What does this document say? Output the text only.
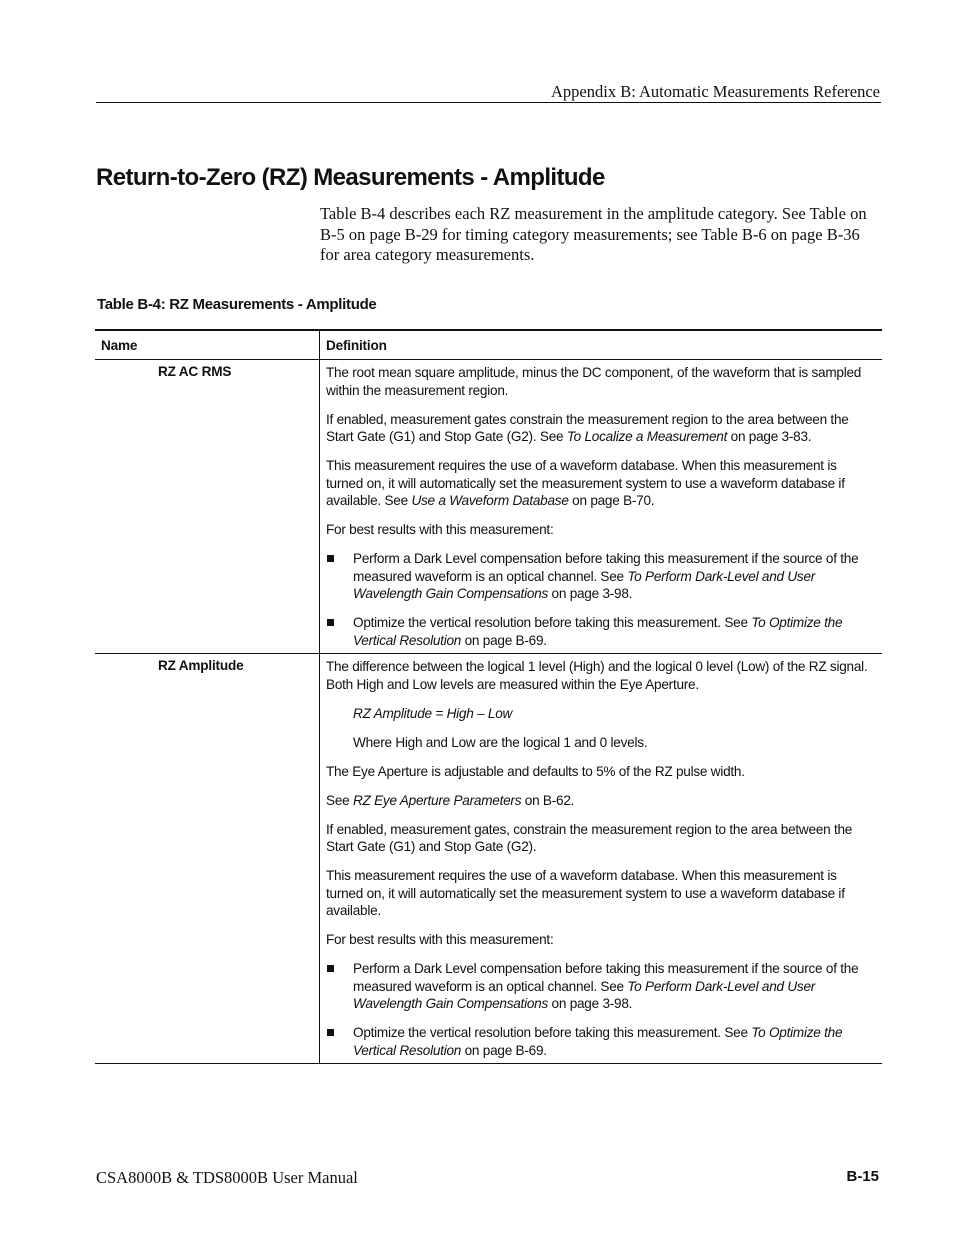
Appendix B: Automatic Measurements Reference
Return-to-Zero (RZ) Measurements - Amplitude
Table B-4 describes each RZ measurement in the amplitude category. See Table on B-5 on page B-29 for timing category measurements; see Table B-6 on page B-36 for area category measurements.
Table B-4: RZ Measurements - Amplitude
Name	Definition
RZ AC RMS	The root mean square amplitude, minus the DC component, of the waveform that is sampled within the measurement region.

If enabled, measurement gates constrain the measurement region to the area between the Start Gate (G1) and Stop Gate (G2). See To Localize a Measurement on page 3-83.

This measurement requires the use of a waveform database. When this measurement is turned on, it will automatically set the measurement system to use a waveform database if available. See Use a Waveform Database on page B-70.

For best results with this measurement:

Perform a Dark Level compensation before taking this measurement if the source of the measured waveform is an optical channel. See To Perform Dark-Level and User Wavelength Gain Compensations on page 3-98.
Optimize the vertical resolution before taking this measurement. See To Optimize the Vertical Resolution on page B-69.
RZ Amplitude	The difference between the logical 1 level (High) and the logical 0 level (Low) of the RZ signal. Both High and Low levels are measured within the Eye Aperture.

RZ Amplitude = High – Low

Where High and Low are the logical 1 and 0 levels.

The Eye Aperture is adjustable and defaults to 5% of the RZ pulse width.

See RZ Eye Aperture Parameters on B-62.

If enabled, measurement gates, constrain the measurement region to the area between the Start Gate (G1) and Stop Gate (G2).

This measurement requires the use of a waveform database. When this measurement is turned on, it will automatically set the measurement system to use a waveform database if available.

For best results with this measurement:

Perform a Dark Level compensation before taking this measurement if the source of the measured waveform is an optical channel. See To Perform Dark-Level and User Wavelength Gain Compensations on page 3-98.
Optimize the vertical resolution before taking this measurement. See To Optimize the Vertical Resolution on page B-69.
CSA8000B & TDS8000B User Manual	B-15
